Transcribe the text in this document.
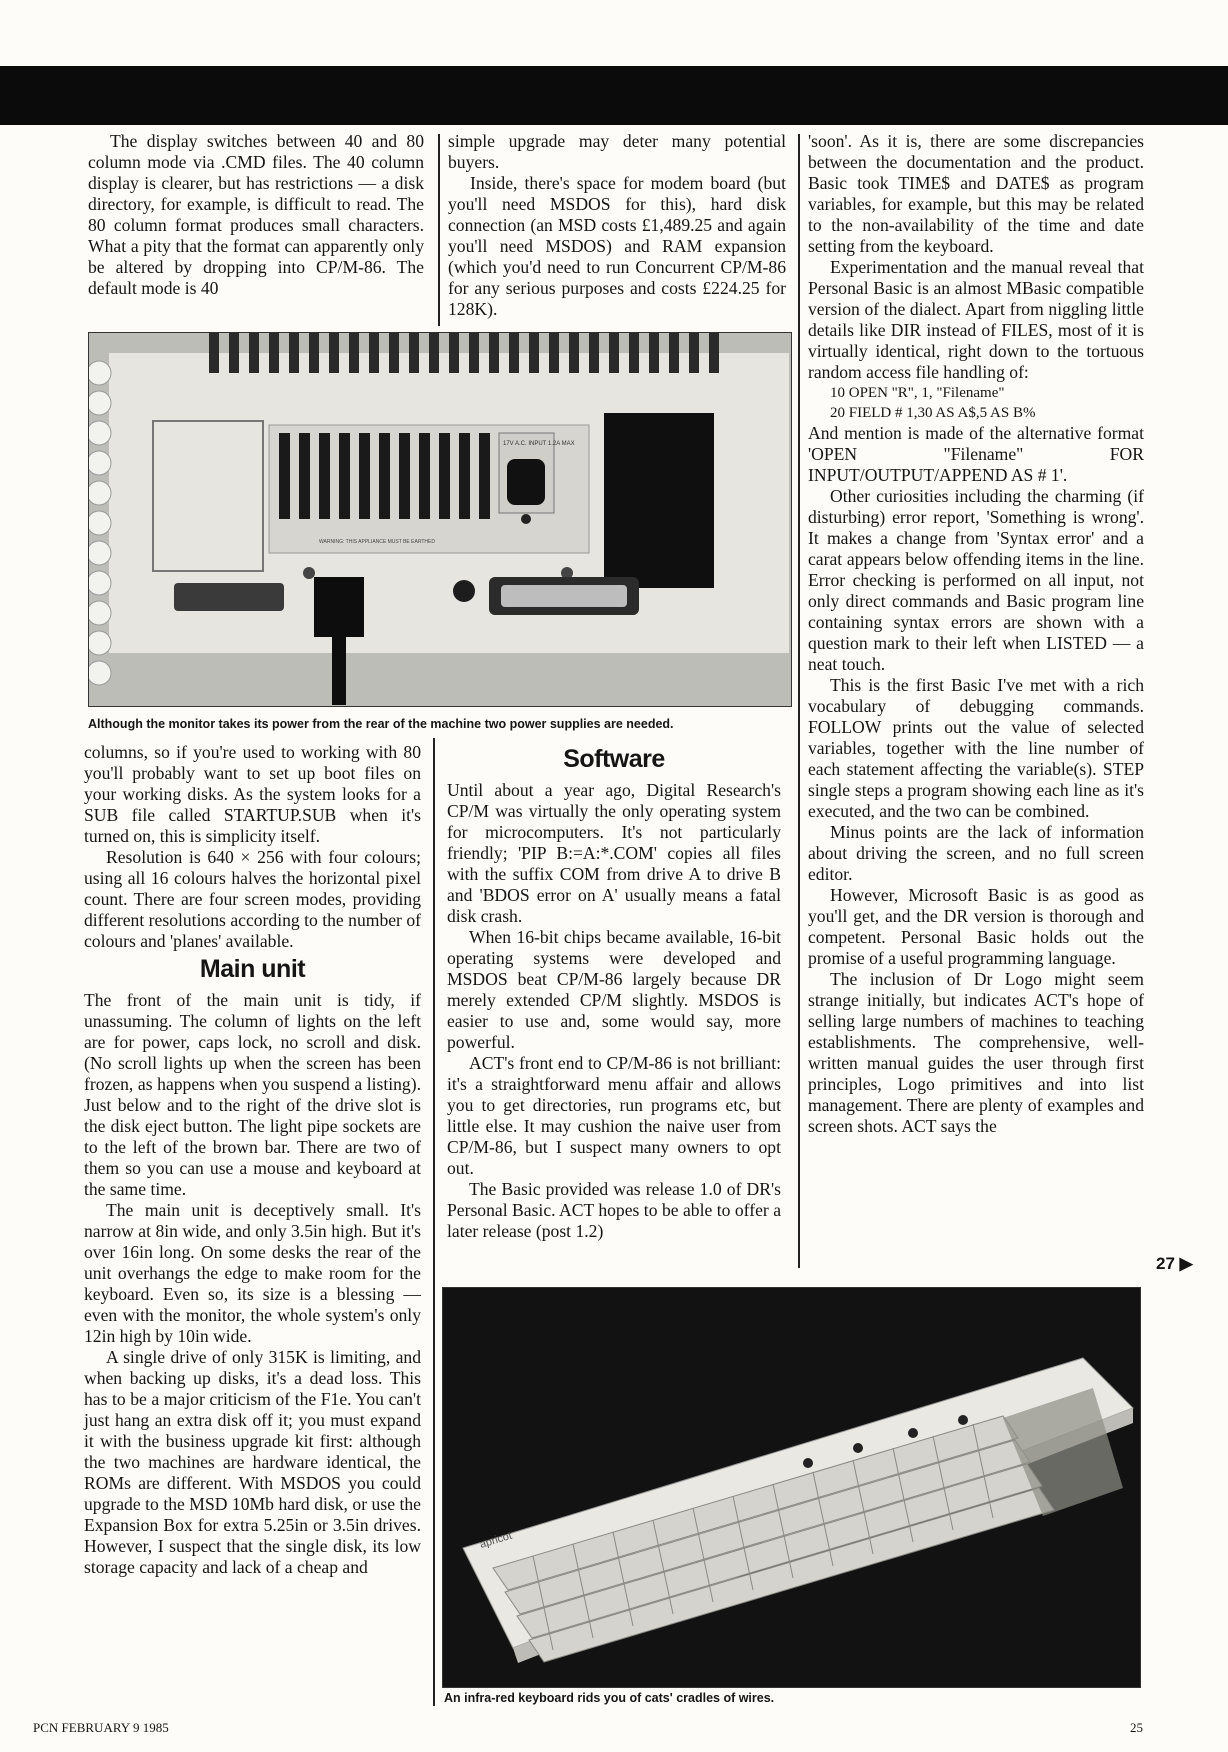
The display switches between 40 and 80 column mode via .CMD files. The 40 column display is clearer, but has restrictions — a disk directory, for example, is difficult to read. The 80 column format produces small characters. What a pity that the format can apparently only be altered by dropping into CP/M-86. The default mode is 40

simple upgrade may deter many potential buyers.

Inside, there's space for modem board (but you'll need MSDOS for this), hard disk connection (an MSD costs £1,489.25 and again you'll need MSDOS) and RAM expansion (which you'd need to run Concurrent CP/M-86 for any serious purposes and costs £224.25 for 128K).

17V A.C. INPUT 1.2A MAX
WARNING: THIS APPLIANCE MUST BE EARTHED
Although the monitor takes its power from the rear of the machine two power supplies are needed.

columns, so if you're used to working with 80 you'll probably want to set up boot files on your working disks. As the system looks for a SUB file called STARTUP.SUB when it's turned on, this is simplicity itself.

Resolution is 640 × 256 with four colours; using all 16 colours halves the horizontal pixel count. There are four screen modes, providing different resolutions according to the number of colours and 'planes' available.

Main unit

The front of the main unit is tidy, if unassuming. The column of lights on the left are for power, caps lock, no scroll and disk. (No scroll lights up when the screen has been frozen, as happens when you suspend a listing). Just below and to the right of the drive slot is the disk eject button. The light pipe sockets are to the left of the brown bar. There are two of them so you can use a mouse and keyboard at the same time.

The main unit is deceptively small. It's narrow at 8in wide, and only 3.5in high. But it's over 16in long. On some desks the rear of the unit overhangs the edge to make room for the keyboard. Even so, its size is a blessing — even with the monitor, the whole system's only 12in high by 10in wide.

A single drive of only 315K is limiting, and when backing up disks, it's a dead loss. This has to be a major criticism of the F1e. You can't just hang an extra disk off it; you must expand it with the business upgrade kit first: although the two machines are hardware identical, the ROMs are different. With MSDOS you could upgrade to the MSD 10Mb hard disk, or use the Expansion Box for extra 5.25in or 3.5in drives. However, I suspect that the single disk, its low storage capacity and lack of a cheap and

Software

Until about a year ago, Digital Research's CP/M was virtually the only operating system for microcomputers. It's not particularly friendly; 'PIP B:=A:*.COM' copies all files with the suffix COM from drive A to drive B and 'BDOS error on A' usually means a fatal disk crash.

When 16-bit chips became available, 16-bit operating systems were developed and MSDOS beat CP/M-86 largely because DR merely extended CP/M slightly. MSDOS is easier to use and, some would say, more powerful.

ACT's front end to CP/M-86 is not brilliant: it's a straightforward menu affair and allows you to get directories, run programs etc, but little else. It may cushion the naive user from CP/M-86, but I suspect many owners to opt out.

The Basic provided was release 1.0 of DR's Personal Basic. ACT hopes to be able to offer a later release (post 1.2)

'soon'. As it is, there are some discrepancies between the documentation and the product. Basic took TIME$ and DATE$ as program variables, for example, but this may be related to the non-availability of the time and date setting from the keyboard.

Experimentation and the manual reveal that Personal Basic is an almost MBasic compatible version of the dialect. Apart from niggling little details like DIR instead of FILES, most of it is virtually identical, right down to the tortuous random access file handling of:

10 OPEN "R", 1, "Filename"

20 FIELD # 1,30 AS A$,5 AS B%

And mention is made of the alternative format 'OPEN "Filename" FOR INPUT/OUTPUT/APPEND AS # 1'.

Other curiosities including the charming (if disturbing) error report, 'Something is wrong'. It makes a change from 'Syntax error' and a carat appears below offending items in the line. Error checking is performed on all input, not only direct commands and Basic program line containing syntax errors are shown with a question mark to their left when LISTED — a neat touch.

This is the first Basic I've met with a rich vocabulary of debugging commands. FOLLOW prints out the value of selected variables, together with the line number of each statement affecting the variable(s). STEP single steps a program showing each line as it's executed, and the two can be combined.

Minus points are the lack of information about driving the screen, and no full screen editor.

However, Microsoft Basic is as good as you'll get, and the DR version is thorough and competent. Personal Basic holds out the promise of a useful programming language.

The inclusion of Dr Logo might seem strange initially, but indicates ACT's hope of selling large numbers of machines to teaching establishments. The comprehensive, well-written manual guides the user through first principles, Logo primitives and into list management. There are plenty of examples and screen shots. ACT says the

27 ▶
apricot
An infra-red keyboard rids you of cats' cradles of wires.
PCN FEBRUARY 9 1985	25
